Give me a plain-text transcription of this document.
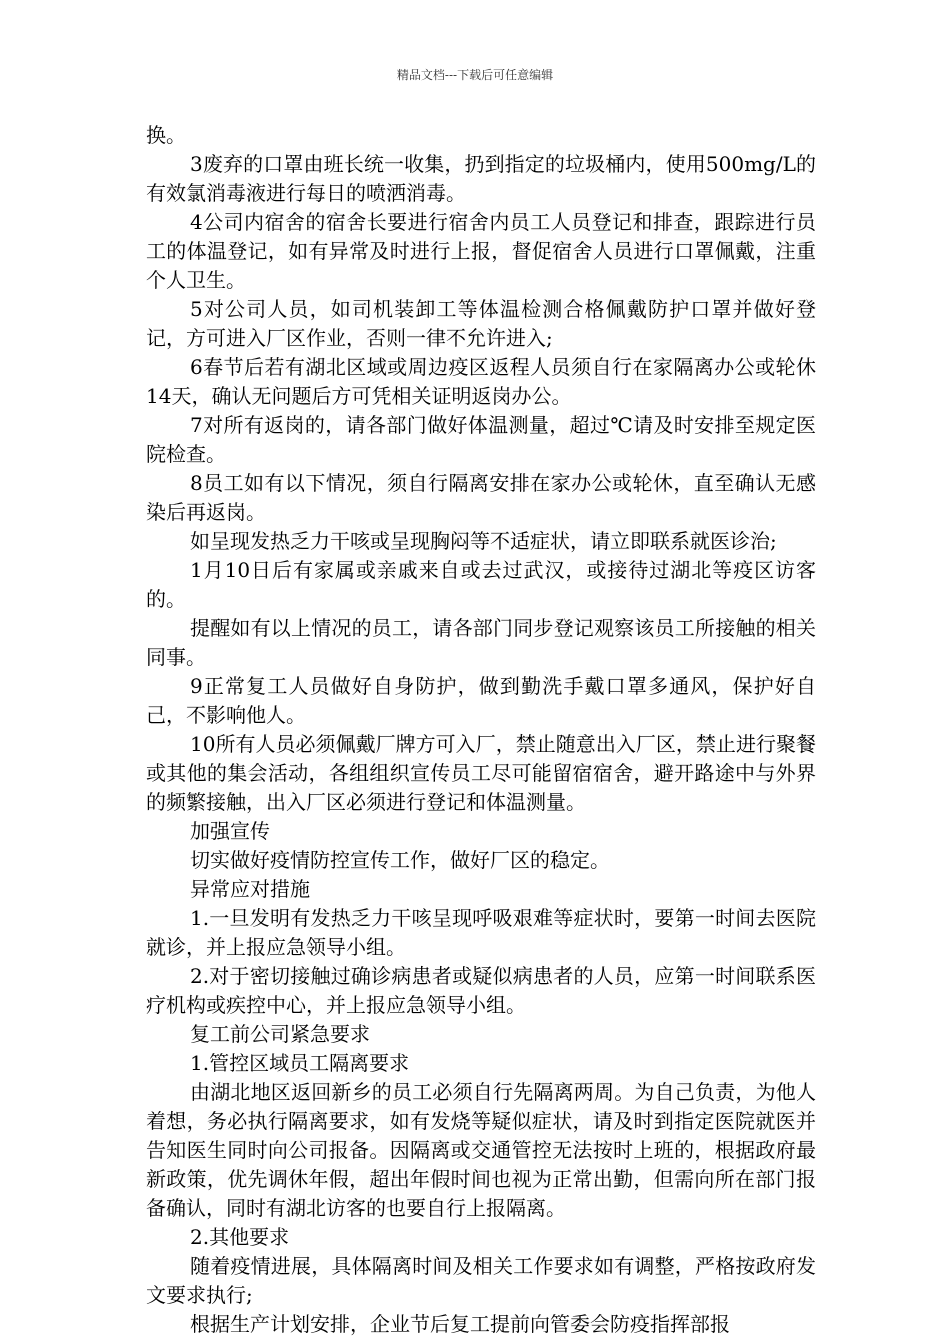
精品文档---下载后可任意编辑

换。

3废弃的口罩由班长统一收集，扔到指定的垃圾桶内，使用500mg/L的有效氯消毒液进行每日的喷洒消毒。

4公司内宿舍的宿舍长要进行宿舍内员工人员登记和排查，跟踪进行员工的体温登记，如有异常及时进行上报，督促宿舍人员进行口罩佩戴，注重个人卫生。

5对公司人员，如司机装卸工等体温检测合格佩戴防护口罩并做好登记，方可进入厂区作业，否则一律不允许进入;

6春节后若有湖北区域或周边疫区返程人员须自行在家隔离办公或轮休14天，确认无问题后方可凭相关证明返岗办公。

7对所有返岗的，请各部门做好体温测量，超过℃请及时安排至规定医院检查。

8员工如有以下情况，须自行隔离安排在家办公或轮休，直至确认无感染后再返岗。

如呈现发热乏力干咳或呈现胸闷等不适症状，请立即联系就医诊治;

1月10日后有家属或亲戚来自或去过武汉，或接待过湖北等疫区访客的。

提醒如有以上情况的员工，请各部门同步登记观察该员工所接触的相关同事。

9正常复工人员做好自身防护，做到勤洗手戴口罩多通风，保护好自己，不影响他人。

10所有人员必须佩戴厂牌方可入厂，禁止随意出入厂区，禁止进行聚餐或其他的集会活动，各组组织宣传员工尽可能留宿宿舍，避开路途中与外界的频繁接触，出入厂区必须进行登记和体温测量。

加强宣传

切实做好疫情防控宣传工作，做好厂区的稳定。

异常应对措施

1.一旦发明有发热乏力干咳呈现呼吸艰难等症状时，要第一时间去医院就诊，并上报应急领导小组。

2.对于密切接触过确诊病患者或疑似病患者的人员，应第一时间联系医疗机构或疾控中心，并上报应急领导小组。

复工前公司紧急要求

1.管控区域员工隔离要求

由湖北地区返回新乡的员工必须自行先隔离两周。为自己负责，为他人着想，务必执行隔离要求，如有发烧等疑似症状，请及时到指定医院就医并告知医生同时向公司报备。因隔离或交通管控无法按时上班的，根据政府最新政策，优先调休年假，超出年假时间也视为正常出勤，但需向所在部门报备确认，同时有湖北访客的也要自行上报隔离。

2.其他要求

随着疫情进展，具体隔离时间及相关工作要求如有调整，严格按政府发文要求执行;

根据生产计划安排，企业节后复工提前向管委会防疫指挥部报
